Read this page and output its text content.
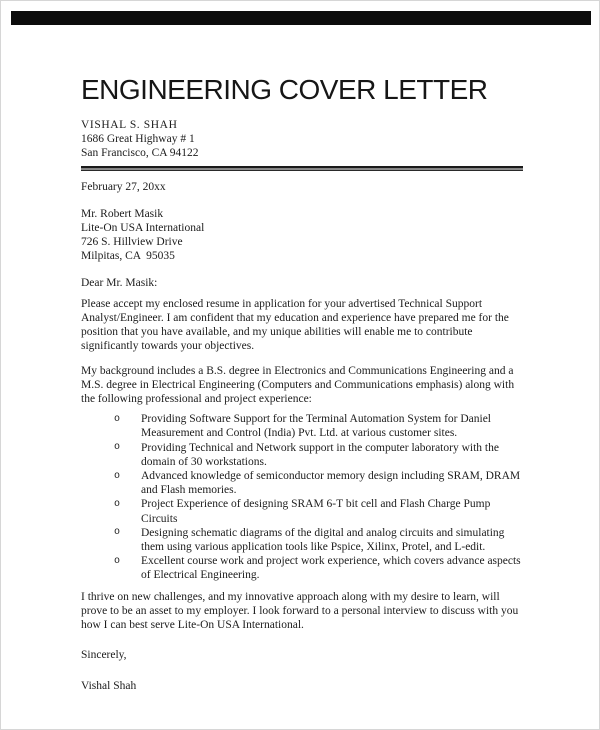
ENGINEERING COVER LETTER
VISHAL S. SHAH
1686 Great Highway # 1
San Francisco, CA 94122

February 27, 20xx

Mr. Robert Masik
Lite-On USA International
726 S. Hillview Drive
Milpitas, CA  95035

Dear Mr. Masik:

Please accept my enclosed resume in application for your advertised Technical Support Analyst/Engineer. I am confident that my education and experience have prepared me for the position that you have available, and my unique abilities will enable me to contribute significantly towards your objectives.

My background includes a B.S. degree in Electronics and Communications Engineering and a M.S. degree in Electrical Engineering (Computers and Communications emphasis) along with the following professional and project experience:

o Providing Software Support for the Terminal Automation System for Daniel Measurement and Control (India) Pvt. Ltd. at various customer sites.
o Providing Technical and Network support in the computer laboratory with the domain of 30 workstations.
o Advanced knowledge of semiconductor memory design including SRAM, DRAM and Flash memories.
o Project Experience of designing SRAM 6-T bit cell and Flash Charge Pump Circuits
o Designing schematic diagrams of the digital and analog circuits and simulating them using various application tools like Pspice, Xilinx, Protel, and L-edit.
o Excellent course work and project work experience, which covers advance aspects of Electrical Engineering.

I thrive on new challenges, and my innovative approach along with my desire to learn, will prove to be an asset to my employer. I look forward to a personal interview to discuss with you how I can best serve Lite-On USA International.

Sincerely,

Vishal Shah
